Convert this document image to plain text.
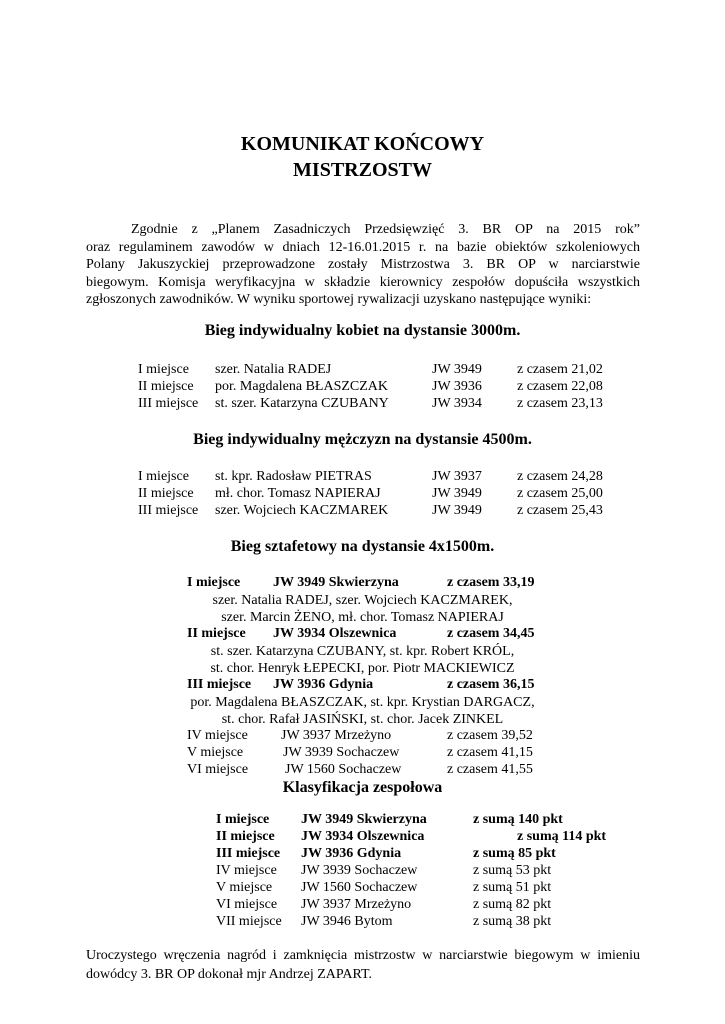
KOMUNIKAT KOŃCOWY
MISTRZOSTW
Zgodnie z „Planem Zasadniczych Przedsięwzięć 3. BR OP na 2015 rok”
oraz regulaminem zawodów w dniach 12-16.01.2015 r. na bazie obiektów szkoleniowych
Polany Jakuszyckiej przeprowadzone zostały Mistrzostwa 3. BR OP w narciarstwie
biegowym. Komisja weryfikacyjna w składzie kierownicy zespołów dopuściła wszystkich
zgłoszonych zawodników. W wyniku sportowej rywalizacji uzyskano następujące wyniki:
Bieg indywidualny kobiet na dystansie 3000m.
I miejsce szer. Natalia RADEJ	JW 3949	z czasem 21,02
II miejsce por. Magdalena BŁASZCZAK	JW 3936	z czasem 22,08
III miejsce st. szer. Katarzyna CZUBANY	JW 3934	z czasem 23,13
Bieg indywidualny mężczyzn na dystansie 4500m.
I miejsce st. kpr. Radosław PIETRAS	JW 3937	z czasem 24,28
II miejsce mł. chor. Tomasz NAPIERAJ	JW 3949	z czasem 25,00
III miejsce szer. Wojciech KACZMAREK	JW 3949	z czasem 25,43
Bieg sztafetowy na dystansie 4x1500m.
I miejsce JW 3949 Skwierzyna	z czasem 33,19
szer. Natalia RADEJ, szer. Wojciech KACZMAREK,
szer. Marcin ŻENO, mł. chor. Tomasz NAPIERAJ
II miejsce JW 3934 Olszewnica	z czasem 34,45
st. szer. Katarzyna CZUBANY, st. kpr. Robert KRÓL,
st. chor. Henryk ŁEPECKI, por. Piotr MACKIEWICZ
III miejsce JW 3936 Gdynia	z czasem 36,15
por. Magdalena BŁASZCZAK, st. kpr. Krystian DARGACZ,
st. chor. Rafał JASIŃSKI, st. chor. Jacek ZINKEL
IV miejsce JW 3937 Mrzeżyno	z czasem 39,52
V miejsce	JW 3939 Sochaczew	z czasem 41,15
VI miejsce	JW 1560 Sochaczew	z czasem 41,55
Klasyfikacja zespołowa
I miejsce JW 3949 Skwierzyna	z sumą 140 pkt
II miejsce JW 3934 Olszewnica	z sumą 114 pkt
III miejsce JW 3936 Gdynia	z sumą 85 pkt
IV miejsce JW 3939 Sochaczew	z sumą 53 pkt
V miejsce JW 1560 Sochaczew	z sumą 51 pkt
VI miejsce JW 3937 Mrzeżyno	z sumą 82 pkt
VII miejsce JW 3946 Bytom	z sumą 38 pkt
Uroczystego wręczenia nagród i zamknięcia mistrzostw w narciarstwie biegowym w imieniu
dowódcy 3. BR OP dokonał mjr Andrzej ZAPART.
